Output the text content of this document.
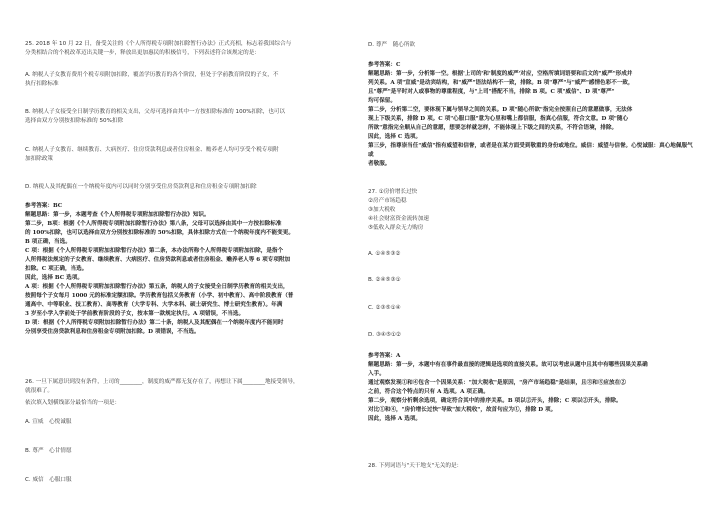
25. 2018 年 10 月 22 日，备受关注的《个人所得税专项附加扣除暂行办法》正式亮相，标志着我国综合与

分类相结合的个税改革迈出关键一步，释放出更加惠民的积极信号，下列表述符合该规定的是：

A. 纳税人子女教育费用个税专项附加扣除，覆盖学历教育的各个阶段，但处于学前教育阶段的子女，不

执行扣除标准

B. 纳税人子女接受全日制学历教育的相关支出，父母可选择由其中一方按扣除标准的 100%扣除，也可以

选择由双方分别按扣除标准的 50%扣除

C. 纳税人子女教育、继续教育、大病医疗、住房贷款利息或者住房租金、赡养老人均可享受个税专项附

加扣除政策

D. 纳税人及其配偶在一个纳税年度内可以同时分别享受住房贷款利息和住房租金专项附加扣除

参考答案：BC

解题思路：第一步，本题考查《个人所得税专项附加扣除暂行办法》知识。

第二步，B项：根据《个人所得税专项附加扣除暂行办法》第八条，父母可以选择由其中一方按扣除标准

的 100%扣除，也可以选择由双方分别按扣除标准的 50%扣除，具体扣除方式在一个纳税年度内不能变更。

B 项正确，当选。

C 项：根据《个人所得税专项附加扣除暂行办法》第二条，本办法所称个人所得税专项附加扣除，是指个

人所得税法规定的子女教育、继续教育、大病医疗、住房贷款利息或者住房租金、赡养老人等 6 项专项附加

扣除。C 项正确，当选。

因此，选择 BC 选项。

A 项：根据《个人所得税专项附加扣除暂行办法》第五条，纳税人的子女接受全日制学历教育的相关支出，

按照每个子女每月 1000 元的标准定额扣除。学历教育包括义务教育（小学、初中教育）、高中阶段教育（普

通高中、中等职业、技工教育）、高等教育（大学专科、大学本科、硕士研究生、博士研究生教育）。年满

3 岁至小学入学前处于学前教育阶段的子女，按本第一款规定执行。A 项错误，不当选。

D 项：根据《个人所得税专项附加扣除暂行办法》第二十条，纳税人及其配偶在一个纳税年度内不能同时

分别享受住房贷款利息和住房租金专项附加扣除。D 项错误，不当选。

26. 一旦下属意识到没有条件，上司的________，制度的威严都无复存在了，再想让下属________地接受领导，

就很难了。

依次填入划横线部分最恰当的一项是：

A. 宣威　心悦诚服

B. 尊严　心甘情愿

C. 威信　心服口服

D. 尊严　随心所欲

参考答案：C

解题思路：第一步，分析第一空。根据'上司的'和'制度的威严'对应，空格所填词语要和后文的"威严"形成并

列关系。A 项"宣威"是动宾结构，和"威严"语法结构不一致，排除。B 项"尊严"与"威严"感情色彩不一致，

且"尊严"是平时对人或事物的尊重程度，与"上司"搭配不当，排除 B 项。C 项"威信"、D 项"尊严"

均可保留。

第二步，分析第二空，要体现下属与领导之间的关系。D 项"随心所欲"指完全按照自己的意愿做事，无法体

现上下级关系，排除 D 项。C 项"心服口服"意为心里和嘴上都信服，指真心信服，符合文意。D 项"随心

所欲"意指完全顺从自己的意愿，想要怎样就怎样，不能体现上下级之间的关系，不符合语境，排除。

因此，选择 C 选项。

第三步，指尊崇当任"威信"指有威望和信誉，或者是在某方面受到敬重的身份或地位。威信：威望与信誉。心悦诚服：真心地佩服气或

者敬服。

27. ①房价增长过快

②房产市场趋稳

③加大税收

④社会财富资金流转加速

⑤低收入群众无力购房

A. ①④⑤③②

B. ②④⑤③①

C. ②③⑤①④

D. ③④⑤①②

参考答案：A

解题思路：第一步，本题中有在事件最直接的逻辑是选项的直接关系。故可以考虑从题中且其中有哪些因果关系确

入手。

通过观察发现①和④包含一个因果关系："加大税收"是原因，"房产市场趋稳"是结果，且③和⑤应放在②

之前，符合这个特点的只有 A 选项。A 项正确。

第二步，观察分析剩余选项，确定符合其中的排序关系。B 项以②开头，排除；C 项以②开头，排除。

对比①和④，"房价增长过快"导致"加大税收"，故首句应为①，排除 D 项。

因此，选择 A 选项。

28. 下列词语与"天干地支"无关的是：
